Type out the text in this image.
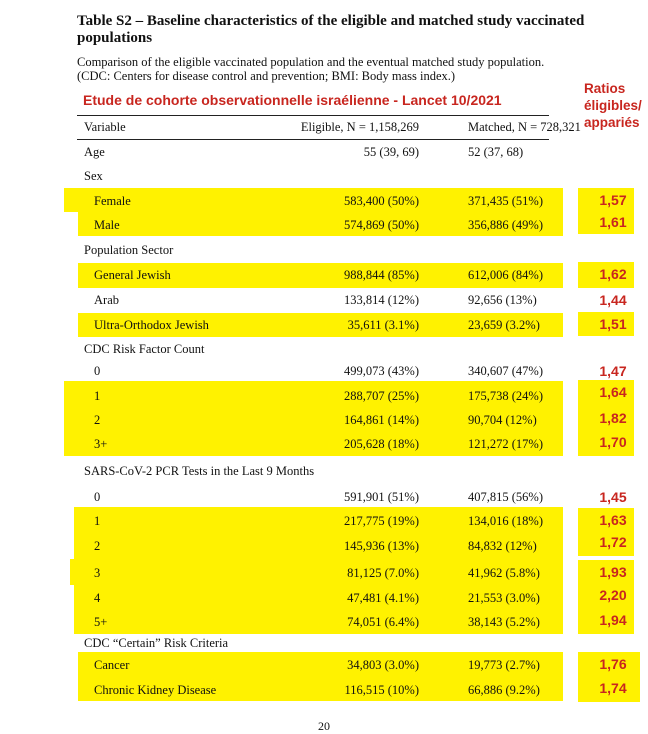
Table S2 – Baseline characteristics of the eligible and matched study vaccinated populations
Comparison of the eligible vaccinated population and the eventual matched study population. (CDC: Centers for disease control and prevention; BMI: Body mass index.)
Etude de cohorte observationnelle israélienne - Lancet 10/2021
Ratios éligibles/ appariés
Variable	Eligible, N = 1,158,269	Matched, N = 728,321
Age	55 (39, 69)	52 (37, 68)
Sex
Female	583,400 (50%)	371,435 (51%)	1,57
Male	574,869 (50%)	356,886 (49%)	1,61
Population Sector
General Jewish	988,844 (85%)	612,006 (84%)	1,62
Arab	133,814 (12%)	92,656 (13%)	1,44
Ultra-Orthodox Jewish	35,611 (3.1%)	23,659 (3.2%)	1,51
CDC Risk Factor Count
0	499,073 (43%)	340,607 (47%)	1,47
1	288,707 (25%)	175,738 (24%)	1,64
2	164,861 (14%)	90,704 (12%)	1,82
3+	205,628 (18%)	121,272 (17%)	1,70
SARS-CoV-2 PCR Tests in the Last 9 Months
0	591,901 (51%)	407,815 (56%)	1,45
1	217,775 (19%)	134,016 (18%)	1,63
2	145,936 (13%)	84,832 (12%)	1,72
3	81,125 (7.0%)	41,962 (5.8%)	1,93
4	47,481 (4.1%)	21,553 (3.0%)	2,20
5+	74,051 (6.4%)	38,143 (5.2%)	1,94
CDC “Certain” Risk Criteria
Cancer	34,803 (3.0%)	19,773 (2.7%)	1,76
Chronic Kidney Disease	116,515 (10%)	66,886 (9.2%)	1,74
20
